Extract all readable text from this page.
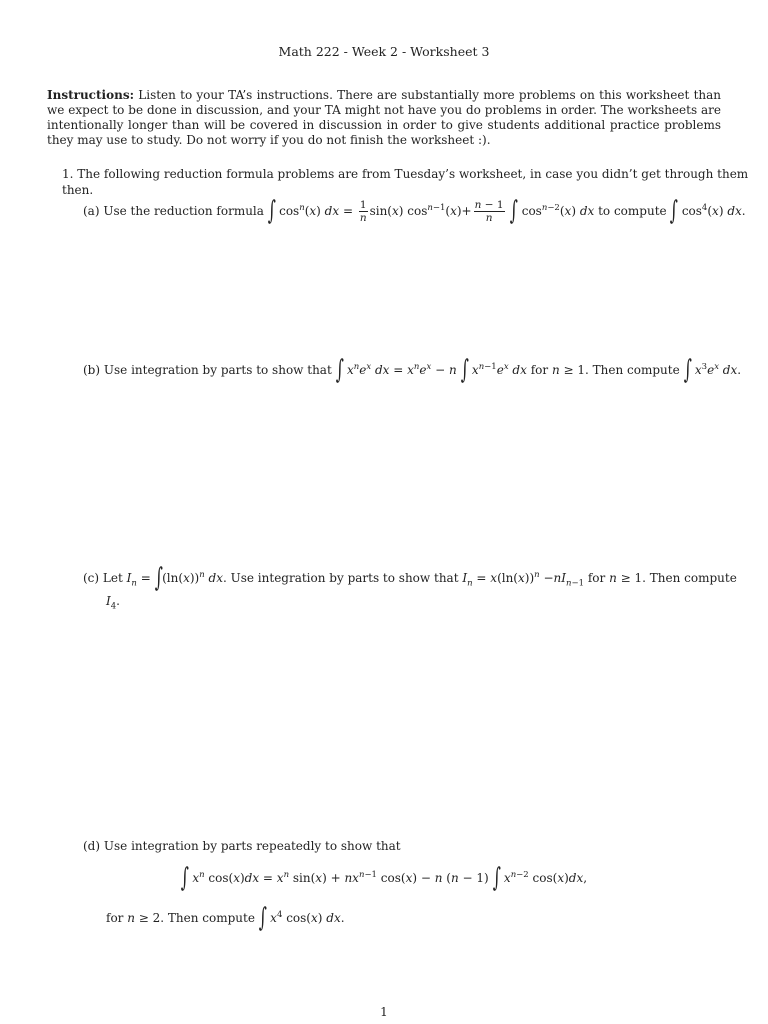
Math 222 - Week 2 - Worksheet 3
Instructions: Listen to your TA’s instructions. There are substantially more problems on this worksheet than we expect to be done in discussion, and your TA might not have you do problems in order. The worksheets are intentionally longer than will be covered in discussion in order to give students additional practice problems they may use to study. Do not worry if you do not finish the worksheet :).
1. The following reduction formula problems are from Tuesday’s worksheet, in case you didn’t get through them then.
(a) Use the reduction formula ∫ $\cos^n(x)$ dx = $\frac{1}{n} \sin(x)$ $\cos^{n-1}(x)+ \frac{n - 1}{n}$ ∫ $\cos^{n-2}(x)$ dx to compute ∫ $\cos^4(x)$ dx.
(b) Use integration by parts to show that ∫ $x^ne^x$ dx = $x^ne^x - n$ ∫ $x^{n-1}e^x$ dx for n ≥ 1. Then compute ∫ $x^3e^x$ dx.
(c) Let $I_n = \int(\ln(x))^n$ dx. Use integration by parts to show that $I_n = x(\ln(x))^n -nI_{n-1}$ for n ≥ 1. Then compute
$I_4$.
(d) Use integration by parts repeatedly to show that
∫ $x^n$ $\cos(x)dx = x^n$ $\sin(x) + nx^{n-1}$ cos(x) − n (n − 1) ∫ $x^{n-2}$ cos(x)dx,
for n ≥ 2. Then compute ∫ $x^4$ cos(x) dx.
1
